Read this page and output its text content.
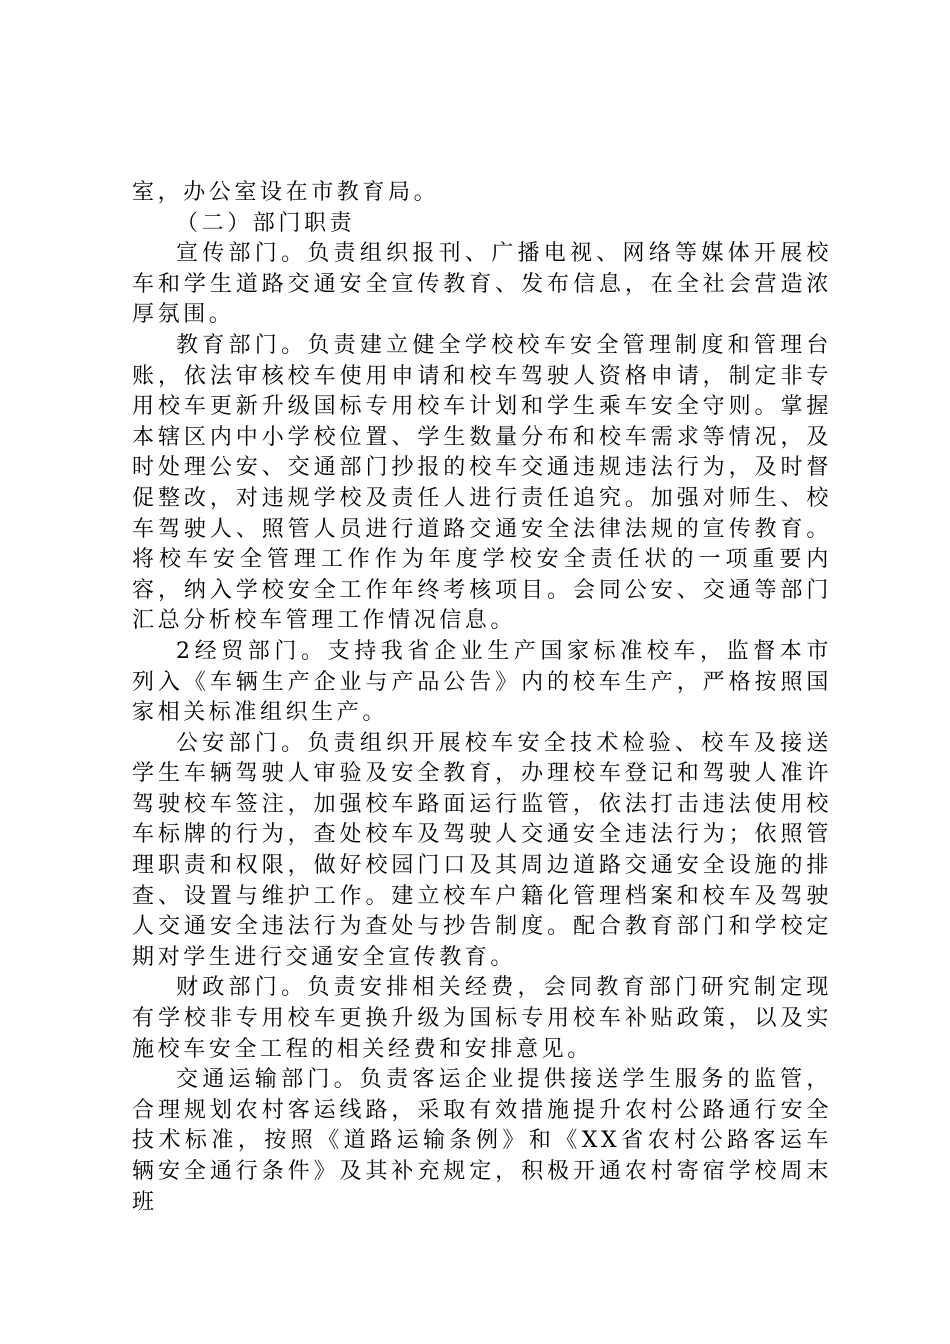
室，办公室设在市教育局。

（二）部门职责

宣传部门。负责组织报刊、广播电视、网络等媒体开展校车和学生道路交通安全宣传教育、发布信息，在全社会营造浓厚氛围。

教育部门。负责建立健全学校校车安全管理制度和管理台账，依法审核校车使用申请和校车驾驶人资格申请，制定非专用校车更新升级国标专用校车计划和学生乘车安全守则。掌握本辖区内中小学校位置、学生数量分布和校车需求等情况，及时处理公安、交通部门抄报的校车交通违规违法行为，及时督促整改，对违规学校及责任人进行责任追究。加强对师生、校车驾驶人、照管人员进行道路交通安全法律法规的宣传教育。将校车安全管理工作作为年度学校安全责任状的一项重要内容，纳入学校安全工作年终考核项目。会同公安、交通等部门汇总分析校车管理工作情况信息。

2经贸部门。支持我省企业生产国家标准校车，监督本市列入《车辆生产企业与产品公告》内的校车生产，严格按照国家相关标准组织生产。

公安部门。负责组织开展校车安全技术检验、校车及接送学生车辆驾驶人审验及安全教育，办理校车登记和驾驶人准许驾驶校车签注，加强校车路面运行监管，依法打击违法使用校车标牌的行为，查处校车及驾驶人交通安全违法行为；依照管理职责和权限，做好校园门口及其周边道路交通安全设施的排查、设置与维护工作。建立校车户籍化管理档案和校车及驾驶人交通安全违法行为查处与抄告制度。配合教育部门和学校定期对学生进行交通安全宣传教育。

财政部门。负责安排相关经费，会同教育部门研究制定现有学校非专用校车更换升级为国标专用校车补贴政策，以及实施校车安全工程的相关经费和安排意见。

交通运输部门。负责客运企业提供接送学生服务的监管，合理规划农村客运线路，采取有效措施提升农村公路通行安全技术标准，按照《道路运输条例》和《XX省农村公路客运车辆安全通行条件》及其补充规定，积极开通农村寄宿学校周末班
